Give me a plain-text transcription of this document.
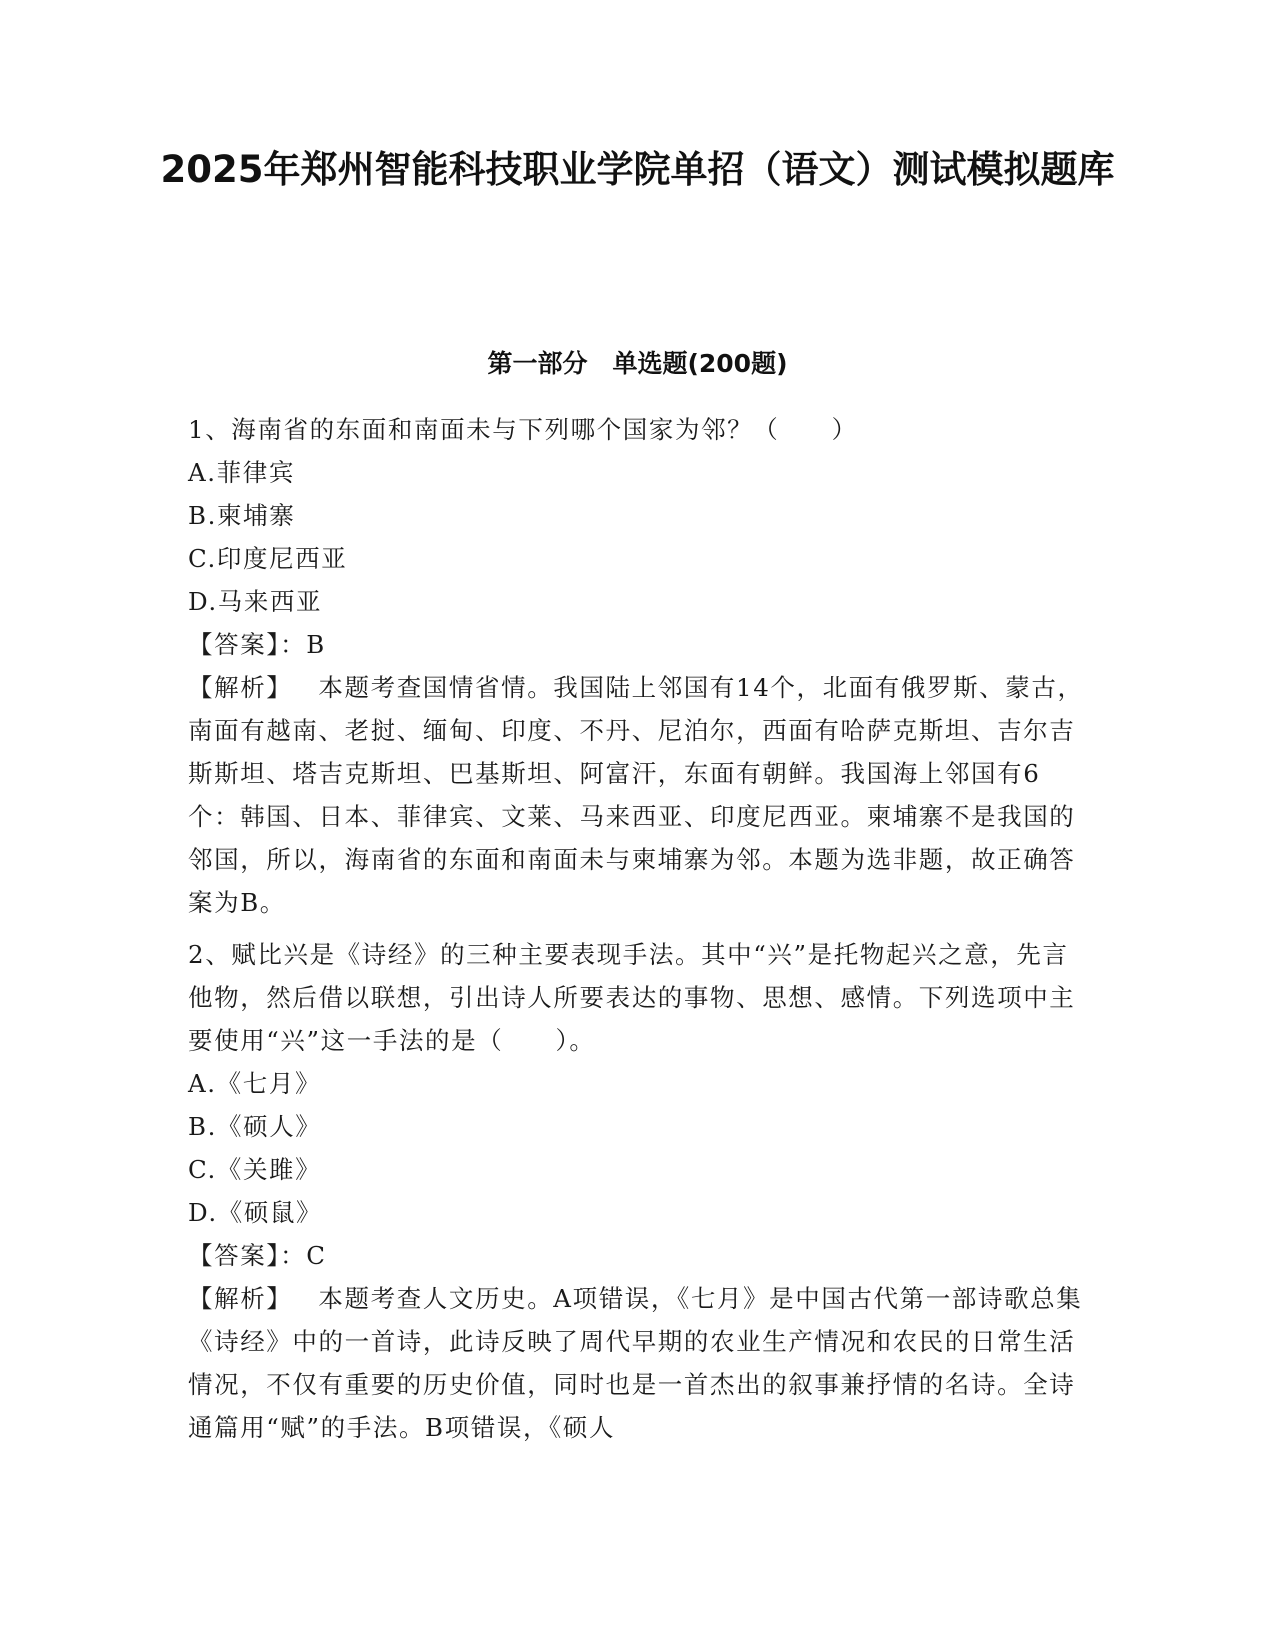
2025年郑州智能科技职业学院单招（语文）测试模拟题库
第一部分　单选题(200题)

1、海南省的东面和南面未与下列哪个国家为邻？（　　）

A.菲律宾

B.柬埔寨

C.印度尼西亚

D.马来西亚

【答案】：B

【解析】 本题考查国情省情。我国陆上邻国有14个，北面有俄罗斯、蒙古，南面有越南、老挝、缅甸、印度、不丹、尼泊尔，西面有哈萨克斯坦、吉尔吉斯斯坦、塔吉克斯坦、巴基斯坦、阿富汗，东面有朝鲜。我国海上邻国有6个：韩国、日本、菲律宾、文莱、马来西亚、印度尼西亚。柬埔寨不是我国的邻国，所以，海南省的东面和南面未与柬埔寨为邻。本题为选非题，故正确答案为B。

2、赋比兴是《诗经》的三种主要表现手法。其中“兴”是托物起兴之意，先言他物，然后借以联想，引出诗人所要表达的事物、思想、感情。下列选项中主要使用“兴”这一手法的是（　　）。

A.《七月》

B.《硕人》

C.《关雎》

D.《硕鼠》

【答案】：C

【解析】 本题考查人文历史。A项错误，《七月》是中国古代第一部诗歌总集《诗经》中的一首诗，此诗反映了周代早期的农业生产情况和农民的日常生活情况，不仅有重要的历史价值，同时也是一首杰出的叙事兼抒情的名诗。全诗通篇用“赋”的手法。B项错误，《硕人
